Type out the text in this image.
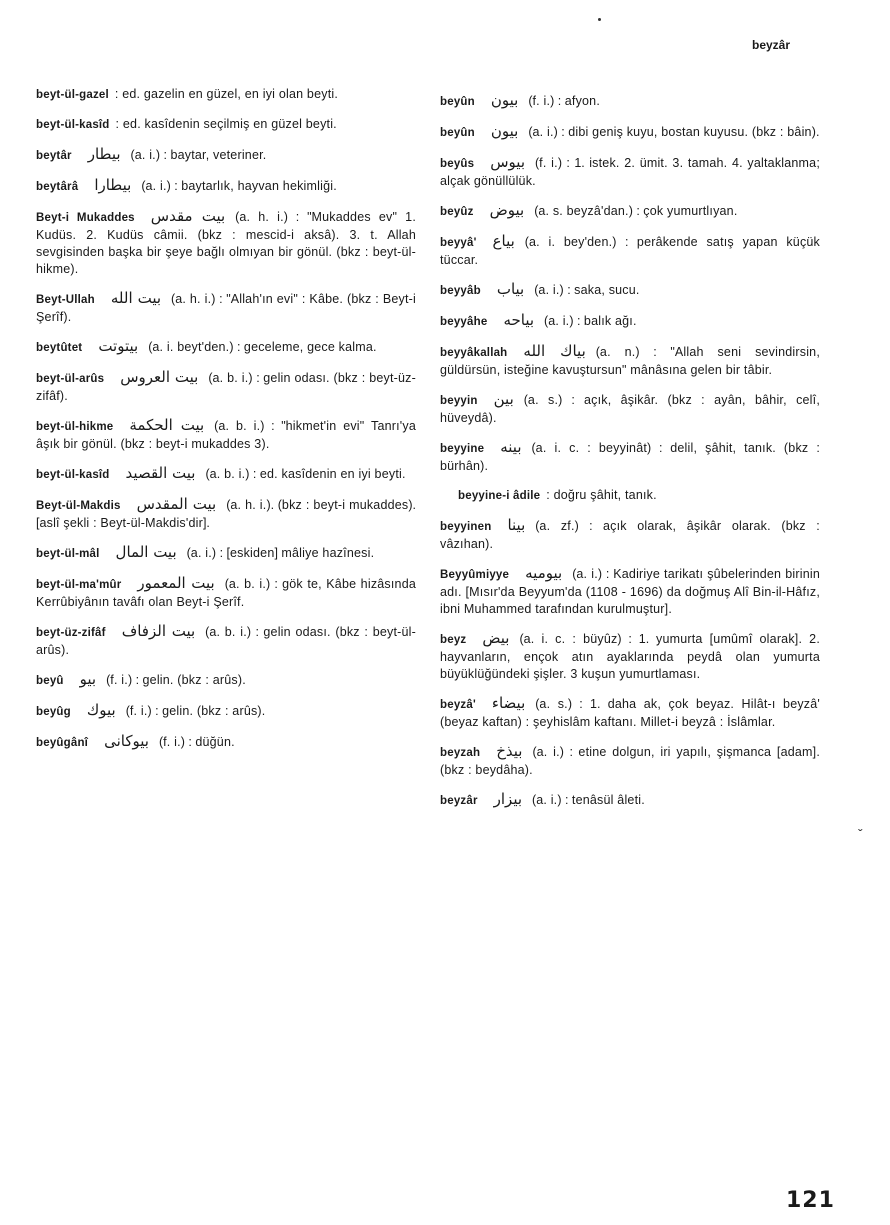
beyzâr

beyt-ül-gazel : ed. gazelin en güzel, en iyi olan beyti.

beyt-ül-kasîd : ed. kasîdenin seçilmiş en güzel beyti.

beytâr بيطار (a. i.) : baytar, veteriner.

beytârâ بيطارا (a. i.) : baytarlık, hayvan hekimliği.

Beyt-i Mukaddes بيت مقدس (a. h. i.) : "Mukaddes ev" 1. Kudüs. 2. Kudüs câmii. (bkz : mescid-i aksâ). 3. t. Allah sevgisinden başka bir şeye bağlı olmıyan bir gönül. (bkz : beyt-ül-hikme).

Beyt-Ullah بيت الله (a. h. i.) : "Allah'ın evi" : Kâbe. (bkz : Beyt-i Şerîf).

beytûtet بيتوتت (a. i. beyt'den.) : geceleme, gece kalma.

beyt-ül-arûs بيت العروس (a. b. i.) : gelin odası. (bkz : beyt-üz-zifâf).

beyt-ül-hikme بيت الحكمة (a. b. i.) : "hikmet'in evi" Tanrı'ya âşık bir gönül. (bkz : beyt-i mukaddes 3).

beyt-ül-kasîd بيت القصيد (a. b. i.) : ed. kasîdenin en iyi beyti.

Beyt-ül-Makdis بيت المقدس (a. h. i.). (bkz : beyt-i mukaddes). [aslî şekli : Beyt-ül-Makdis'dir].

beyt-ül-mâl بيت المال (a. i.) : [eskiden] mâliye hazînesi.

beyt-ül-ma'mûr بيت المعمور (a. b. i.) : gök te, Kâbe hizâsında Kerrûbiyânın tavâfı olan Beyt-i Şerîf.

beyt-üz-zifâf بيت الزفاف (a. b. i.) : gelin odası. (bkz : beyt-ül-arûs).

beyû بيو (f. i.) : gelin. (bkz : arûs).

beyûg بيوك (f. i.) : gelin. (bkz : arûs).

beyûgânî بيوكانى (f. i.) : düğün.

beyûn بيون (f. i.) : afyon.

beyûn بيون (a. i.) : dibi geniş kuyu, bostan kuyusu. (bkz : bâin).

beyûs بيوس (f. i.) : 1. istek. 2. ümit. 3. tamah. 4. yaltaklanma; alçak gönüllülük.

beyûz بيوض (a. s. beyzâ'dan.) : çok yumurtlıyan.

beyyâ' بياع (a. i. bey'den.) : perâkende satış yapan küçük tüccar.

beyyâb بياب (a. i.) : saka, sucu.

beyyâhe بياحه (a. i.) : balık ağı.

beyyâkallah بياك الله (a. n.) : "Allah seni sevindirsin, güldürsün, isteğine kavuştursun" mânâsına gelen bir tâbir.

beyyin بين (a. s.) : açık, âşikâr. (bkz : ayân, bâhir, celî, hüveydâ).

beyyine بينه (a. i. c. : beyyinât) : delil, şâhit, tanık. (bkz : bürhân).

beyyine-i âdile : doğru şâhit, tanık.

beyyinen بينا (a. zf.) : açık olarak, âşikâr olarak. (bkz : vâzıhan).

Beyyûmiyye بيوميه (a. i.) : Kadiriye tarikatı şûbelerinden birinin adı. [Mısır'da Beyyum'da (1108 - 1696) da doğmuş Alî Bin-il-Hâfız, ibni Muhammed tarafından kurulmuştur].

beyz بيض (a. i. c. : büyûz) : 1. yumurta [umûmî olarak]. 2. hayvanların, ençok atın ayaklarında peydâ olan yumurta büyüklüğündeki şişler. 3 kuşun yumurtlaması.

beyzâ' بيضاء (a. s.) : 1. daha ak, çok beyaz. Hilât-ı beyzâ' (beyaz kaftan) : şeyhislâm kaftanı. Millet-i beyzâ : İslâmlar.

beyzah بيذخ (a. i.) : etine dolgun, iri yapılı, şişmanca [adam]. (bkz : beydâha).

beyzâr بيزار (a. i.) : tenâsül âleti.

ˇ
121
